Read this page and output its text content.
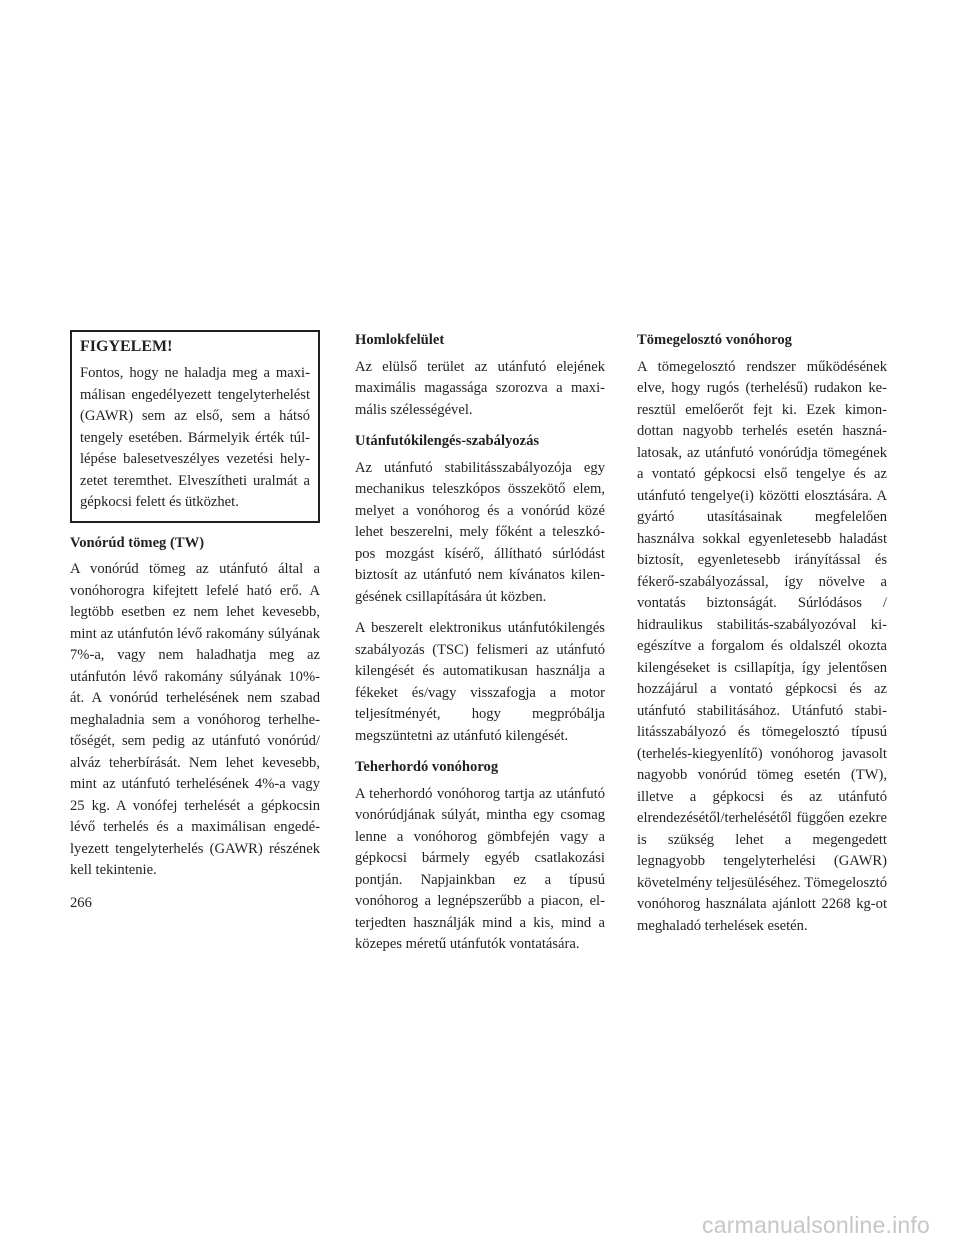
FIGYELEM!

Fontos, hogy ne haladja meg a maximálisan engedélyezett tengelyterhelést (GAWR) sem az első, sem a hátsó tengely esetében. Bármelyik érték túllépése balesetveszélyes vezetési helyzetet teremthet. Elveszítheti uralmát a gépkocsi felett és ütközhet.

Vonórúd tömeg (TW)

A vonórúd tömeg az utánfutó által a vonóhorogra kifejtett lefelé ható erő. A legtöbb esetben ez nem lehet kevesebb, mint az utánfutón lévő rakomány súlyának 7%-a, vagy nem haladhatja meg az utánfutón lévő rakomány súlyának 10%-át. A vonórúd terhelésének nem szabad meghaladnia sem a vonóhorog terhelhetőségét, sem pedig az utánfutó vonórúd/ alváz teherbírását. Nem lehet kevesebb, mint az utánfutó terhelésének 4%-a vagy 25 kg. A vonófej terhelését a gépkocsin lévő terhelés és a maximálisan engedélyezett tengelyterhelés (GAWR) részének kell tekintenie.

Homlokfelület

Az elülső terület az utánfutó elejének maximális magassága szorozva a maximális szélességével.

Utánfutókilengés-szabályozás

Az utánfutó stabilitásszabályozója egy mechanikus teleszkópos összekötő elem, melyet a vonóhorog és a vonórúd közé lehet beszerelni, mely főként a teleszkópos mozgást kísérő, állítható súrlódást biztosít az utánfutó nem kívánatos kilengésének csillapítására út közben.

A beszerelt elektronikus utánfutókilengés szabályozás (TSC) felismeri az utánfutó kilengését és automatikusan használja a fékeket és/vagy visszafogja a motor teljesítményét, hogy megpróbálja megszüntetni az utánfutó kilengését.

Teherhordó vonóhorog

A teherhordó vonóhorog tartja az utánfutó vonórúdjának súlyát, mintha egy csomag lenne a vonóhorog gömbfején vagy a gépkocsi bármely egyéb csatlakozási pontján. Napjainkban ez a típusú vonóhorog a legnépszerűbb a piacon, elterjedten használják mind a kis, mind a közepes méretű utánfutók vontatására.

Tömegelosztó vonóhorog

A tömegelosztó rendszer működésének elve, hogy rugós (terhelésű) rudakon keresztül emelőerőt fejt ki. Ezek kimondottan nagyobb terhelés esetén használatosak, az utánfutó vonórúdja tömegének a vontató gépkocsi első tengelye és az utánfutó tengelye(i) közötti elosztására. A gyártó utasításainak megfelelően használva sokkal egyenletesebb haladást biztosít, egyenletesebb irányítással és fékerő-szabályozással, így növelve a vontatás biztonságát. Súrlódásos / hidraulikus stabilitás-szabályozóval kiegészítve a forgalom és oldalszél okozta kilengéseket is csillapítja, így jelentősen hozzájárul a vontató gépkocsi és az utánfutó stabilitásához. Utánfutó stabilitásszabályozó és tömegelosztó típusú (terhelés-kiegyenlítő) vonóhorog javasolt nagyobb vonórúd tömeg esetén (TW), illetve a gépkocsi és az utánfutó elrendezésétől/terhelésétől függően ezekre is szükség lehet a megengedett legnagyobb tengelyterhelési (GAWR) követelmény teljesüléséhez. Tömegelosztó vonóhorog használata ajánlott 2268 kg-ot meghaladó terhelések esetén.

266
carmanualsonline.info
